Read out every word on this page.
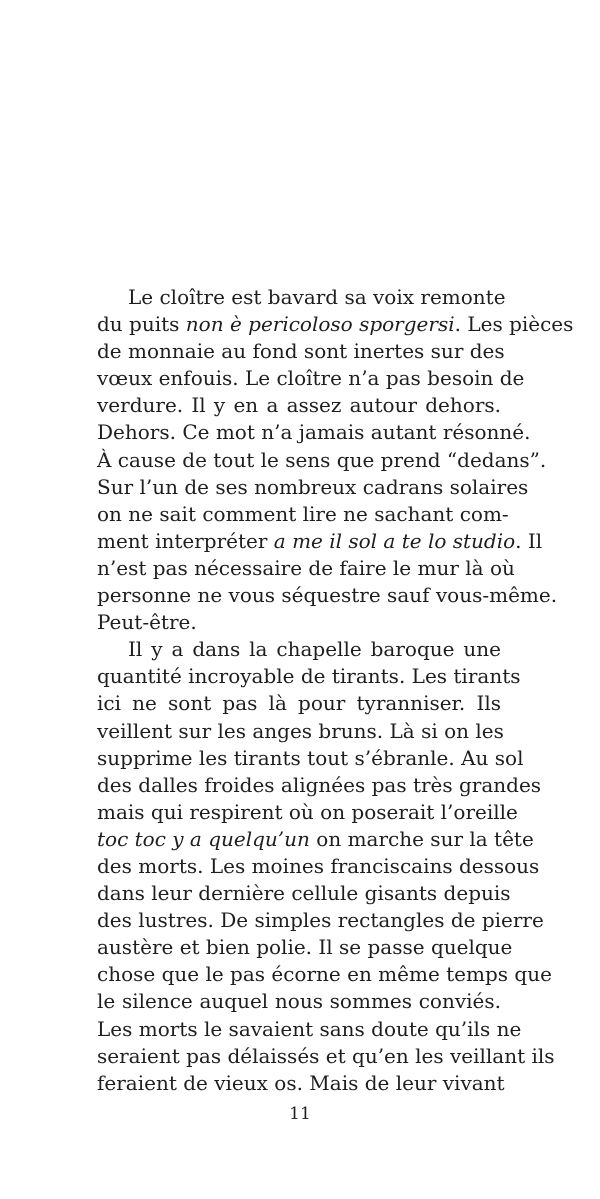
Le cloître est bavard sa voix remonte
du puits non è pericoloso sporgersi. Les pièces
de monnaie au fond sont inertes sur des
vœux enfouis. Le cloître n’a pas besoin de
verdure. Il y en a assez autour dehors.
Dehors. Ce mot n’a jamais autant résonné.
À cause de tout le sens que prend “dedans”.
Sur l’un de ses nombreux cadrans solaires
on ne sait comment lire ne sachant com-
ment interpréter a me il sol a te lo studio. Il
n’est pas nécessaire de faire le mur là où
personne ne vous séquestre sauf vous-même.
Peut-être.
Il y a dans la chapelle baroque une
quantité incroyable de tirants. Les tirants
ici ne sont pas là pour tyranniser. Ils
veillent sur les anges bruns. Là si on les
supprime les tirants tout s’ébranle. Au sol
des dalles froides alignées pas très grandes
mais qui respirent où on poserait l’oreille
toc toc y a quelqu’un on marche sur la tête
des morts. Les moines franciscains dessous
dans leur dernière cellule gisants depuis
des lustres. De simples rectangles de pierre
austère et bien polie. Il se passe quelque
chose que le pas écorne en même temps que
le silence auquel nous sommes conviés.
Les morts le savaient sans doute qu’ils ne
seraient pas délaissés et qu’en les veillant ils
feraient de vieux os. Mais de leur vivant
11
